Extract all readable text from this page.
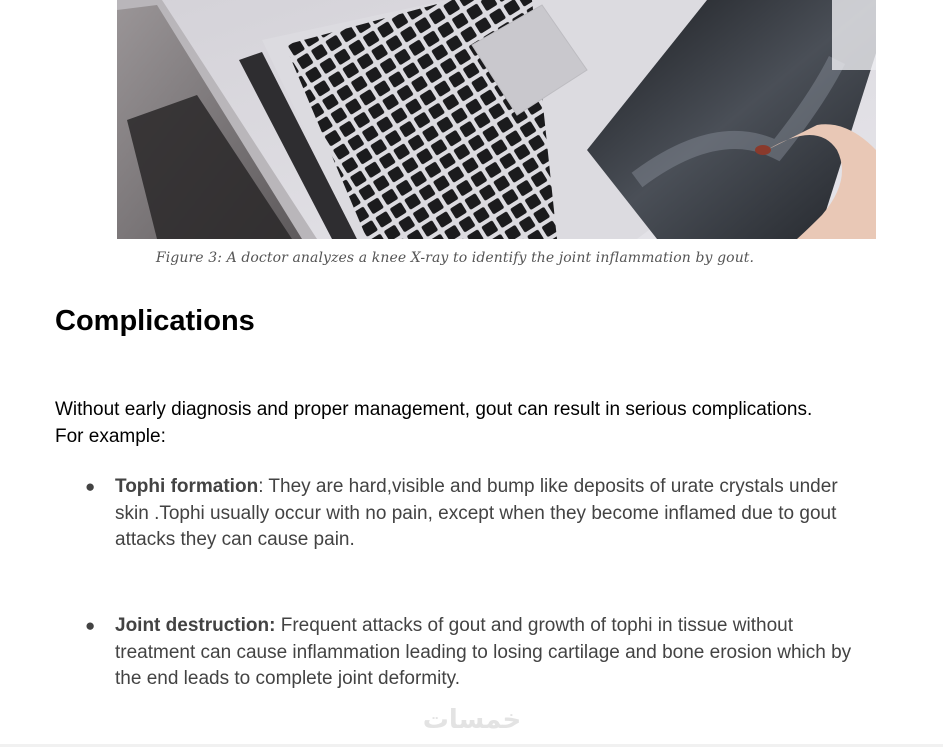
Figure 3: A doctor analyzes a knee X-ray to identify the joint inflammation by gout.
Complications

Without early diagnosis and proper management, gout can result in serious complications. For example:

● Tophi formation: They are hard,visible and bump like deposits of urate crystals under skin .Tophi usually occur with no pain, except when they become inflamed due to gout attacks they can cause pain.
● Joint destruction: Frequent attacks of gout and growth of tophi in tissue without treatment can cause inflammation leading to losing cartilage and bone erosion which by the end leads to complete joint deformity.
خمسات
